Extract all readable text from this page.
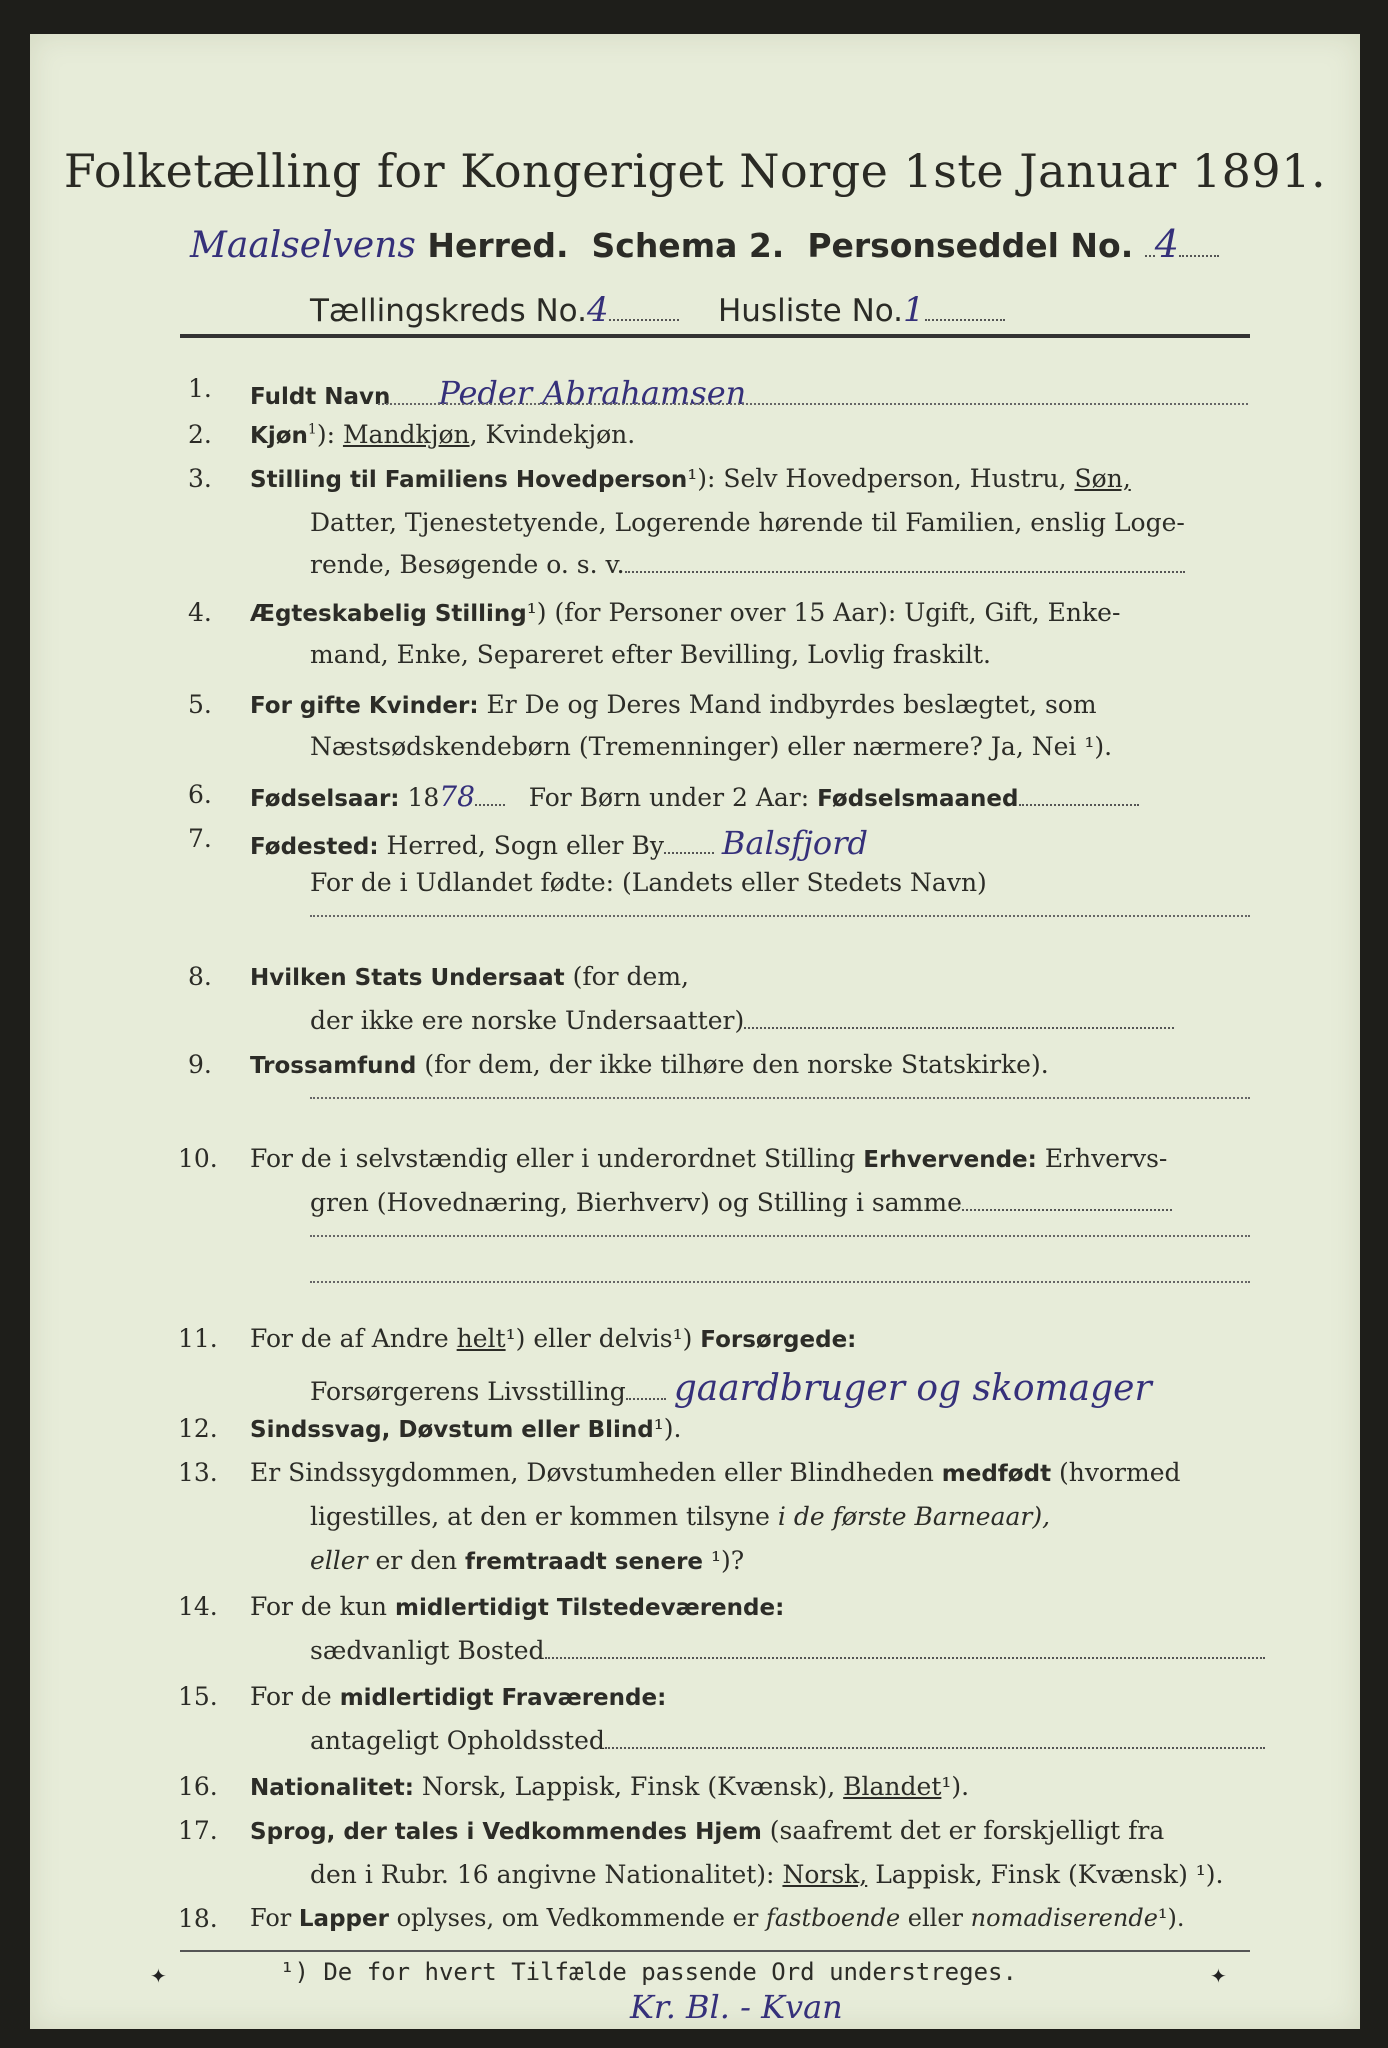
Folketælling for Kongeriget Norge 1ste Januar 1891.
Maalselvens Herred. Schema 2. Personseddel No. 4
Tællingskreds No.4	Husliste No.1
1.	Fuldt Navn Peder Abrahamsen
2.	Kjøn$^1$): Mandkjøn, Kvindekjøn.
3.	Stilling til Familiens Hovedperson¹): Selv Hovedperson, Hustru, Søn,
Datter, Tjenestetyende, Logerende hørende til Familien, enslig Loge-
rende, Besøgende o. s. v.
4.	Ægteskabelig Stilling¹) (for Personer over 15 Aar): Ugift, Gift, Enke-
mand, Enke, Separeret efter Bevilling, Lovlig fraskilt.
5.	For gifte Kvinder: Er De og Deres Mand indbyrdes beslægtet, som
Næstsødskendebørn (Tremenninger) eller nærmere? Ja, Nei ¹).
6.	Fødselsaar: 1878 For Børn under 2 Aar: Fødselsmaaned
7.	Fødested: Herred, Sogn eller By Balsfjord
For de i Udlandet fødte: (Landets eller Stedets Navn)
8.	Hvilken Stats Undersaat (for dem,
der ikke ere norske Undersaatter)
9.	Trossamfund (for dem, der ikke tilhøre den norske Statskirke).
10.	For de i selvstændig eller i underordnet Stilling Erhvervende: Erhvervs-
gren (Hovednæring, Bierhverv) og Stilling i samme
11.	For de af Andre helt¹) eller delvis¹) Forsørgede:
Forsørgerens Livsstilling gaardbruger og skomager
12.	Sindssvag, Døvstum eller Blind¹).
13.	Er Sindssygdommen, Døvstumheden eller Blindheden medfødt (hvormed
ligestilles, at den er kommen tilsyne i de første Barneaar),
eller er den fremtraadt senere ¹)?
14.	For de kun midlertidigt Tilstedeværende:
sædvanligt Bosted
15.	For de midlertidigt Fraværende:
antageligt Opholdssted
16.	Nationalitet: Norsk, Lappisk, Finsk (Kvænsk), Blandet¹).
17.	Sprog, der tales i Vedkommendes Hjem (saafremt det er forskjelligt fra
den i Rubr. 16 angivne Nationalitet): Norsk, Lappisk, Finsk (Kvænsk) ¹).
18.	For Lapper oplyses, om Vedkommende er fastboende eller nomadiserende¹).
¹) De for hvert Tilfælde passende Ord understreges.
Kr. Bl. - Kvan
✦	✦
